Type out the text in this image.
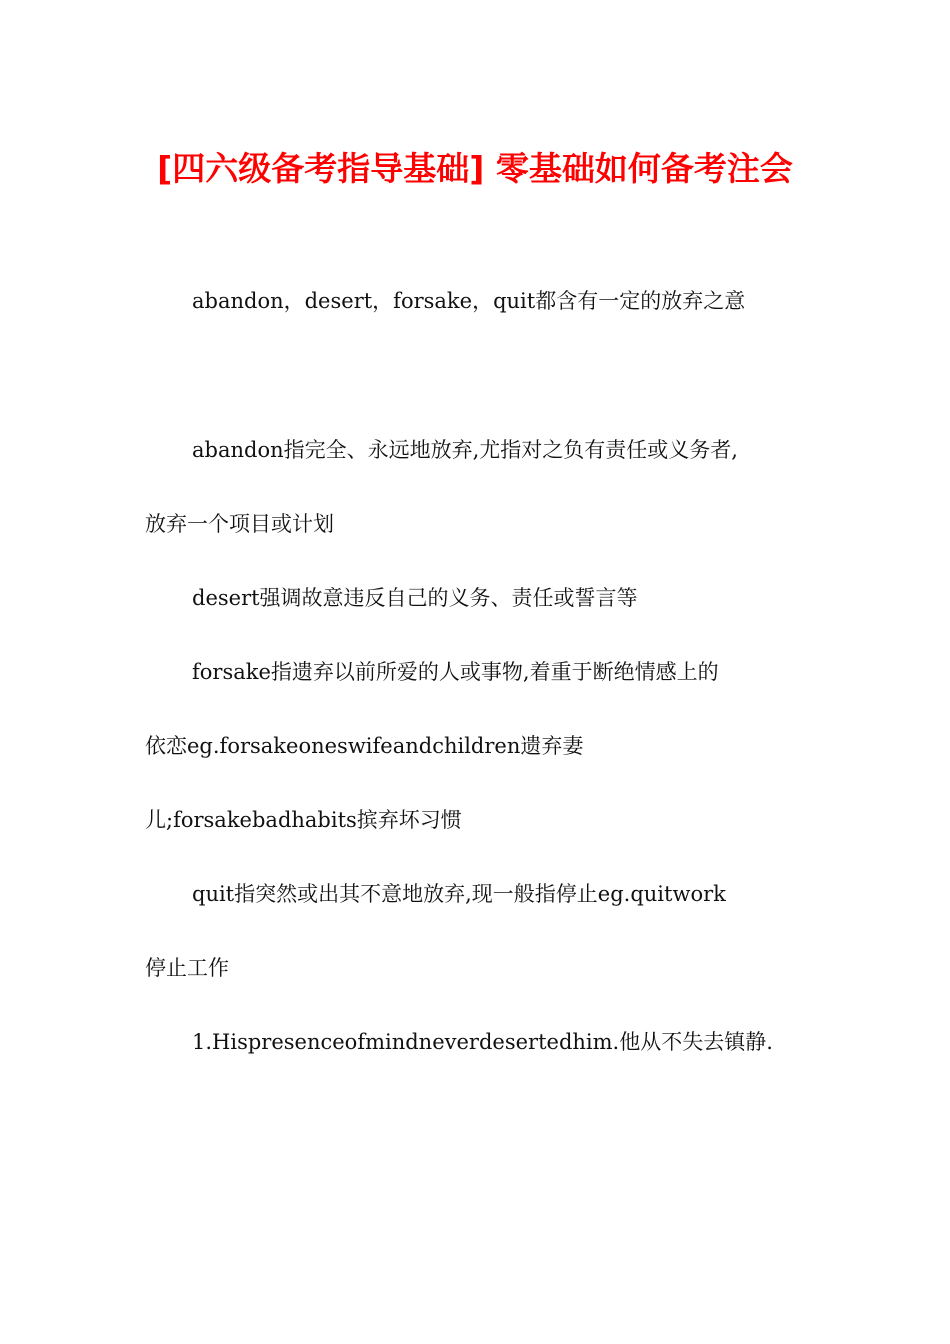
[四六级备考指导基础] 零基础如何备考注会
abandon，desert，forsake，quit都含有一定的放弃之意
abandon指完全、永远地放弃,尤指对之负有责任或义务者,
放弃一个项目或计划
desert强调故意违反自己的义务、责任或誓言等
forsake指遗弃以前所爱的人或事物,着重于断绝情感上的
依恋eg.forsakeoneswifeandchildren遗弃妻
儿;forsakebadhabits摈弃坏习惯
quit指突然或出其不意地放弃,现一般指停止eg.quitwork
停止工作
1.Hispresenceofmindneverdesertedhim.他从不失去镇静.
